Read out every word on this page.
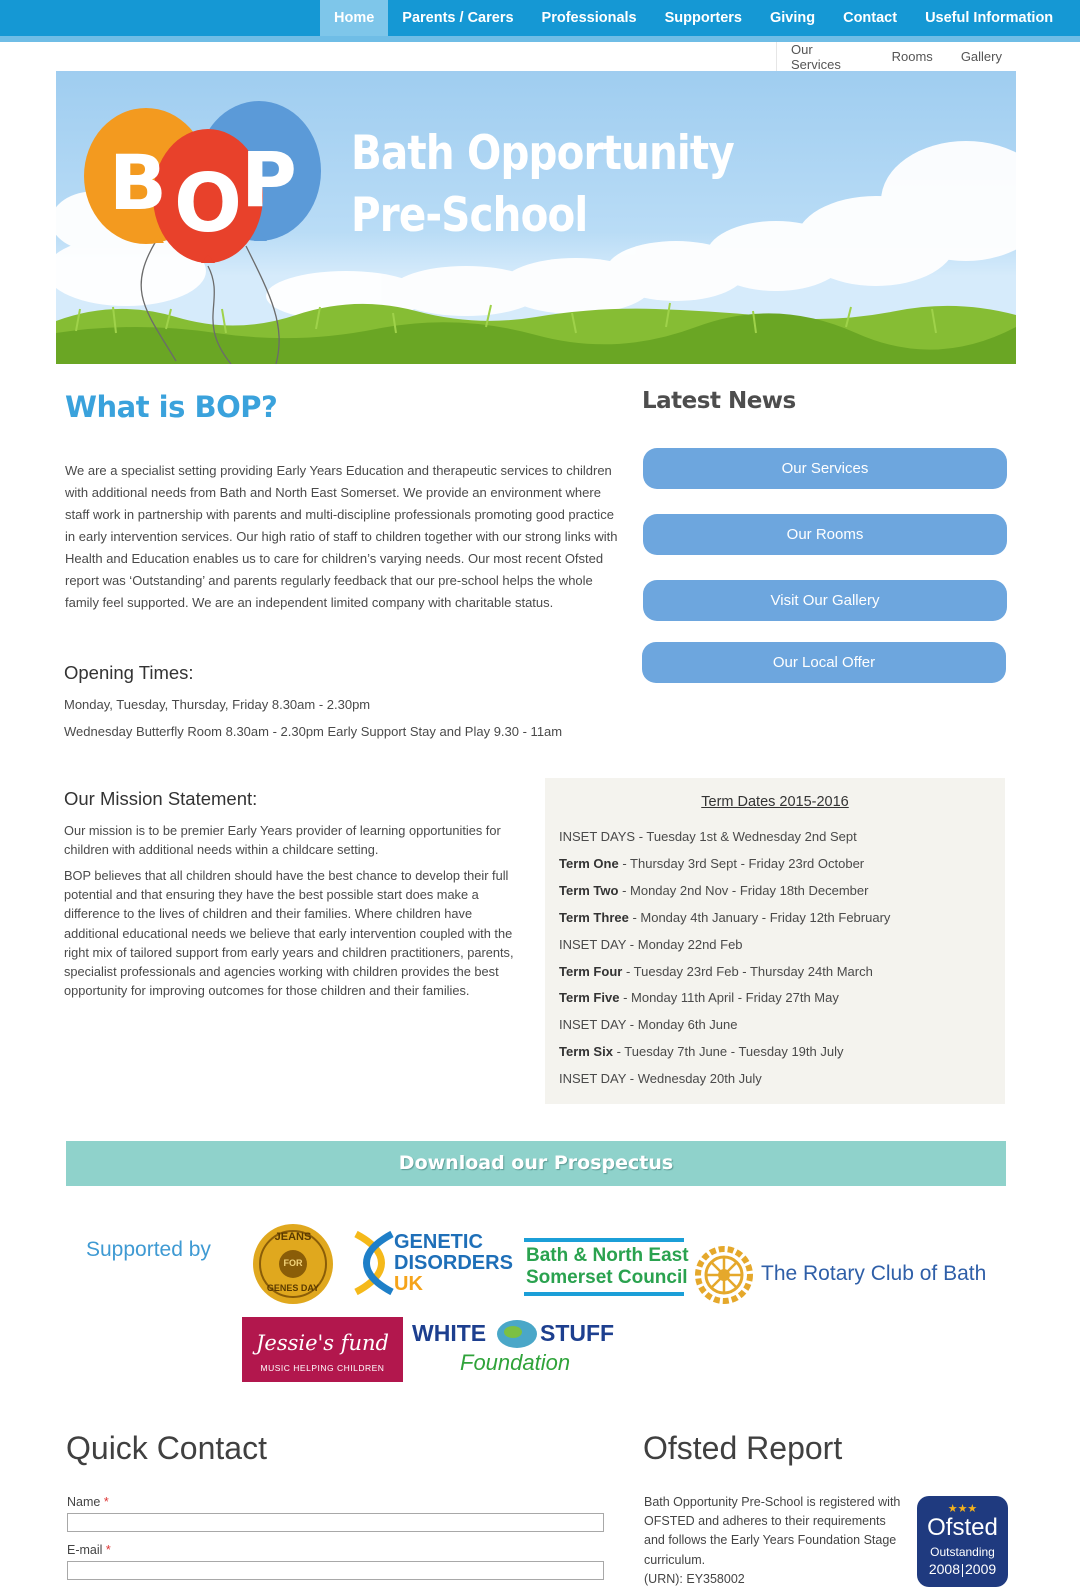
Home	Parents / Carers	Professionals	Supporters	Giving	Contact	Useful Information
Our Services	Rooms	Gallery
B O P Bath Opportunity
Pre-School
What is BOP?

We are a specialist setting providing Early Years Education and therapeutic services to children with additional needs from Bath and North East Somerset. We provide an environment where staff work in partnership with parents and multi-discipline professionals promoting good practice in early intervention services. Our high ratio of staff to children together with our strong links with Health and Education enables us to care for children’s varying needs. Our most recent Ofsted report was ‘Outstanding’ and parents regularly feedback that our pre-school helps the whole family feel supported. We are an independent limited company with charitable status.

Opening Times:
Monday, Tuesday, Thursday, Friday 8.30am - 2.30pm
Wednesday Butterfly Room 8.30am - 2.30pm Early Support Stay and Play 9.30 - 11am
Latest News
Our Services
Our Rooms
Visit Our Gallery
Our Local Offer
Our Mission Statement:

Our mission is to be premier Early Years provider of learning opportunities for children with additional needs within a childcare setting.

BOP believes that all children should have the best chance to develop their full potential and that ensuring they have the best possible start does make a difference to the lives of children and their families. Where children have additional educational needs we believe that early intervention coupled with the right mix of tailored support from early years and children practitioners, parents, specialist professionals and agencies working with children provides the best opportunity for improving outcomes for those children and their families.

Term Dates 2015-2016
INSET DAYS - Tuesday 1st & Wednesday 2nd Sept
Term One - Thursday 3rd Sept - Friday 23rd October
Term Two - Monday 2nd Nov - Friday 18th December
Term Three - Monday 4th January - Friday 12th February
INSET DAY - Monday 22nd Feb
Term Four - Tuesday 23rd Feb - Thursday 24th March
Term Five - Monday 11th April - Friday 27th May
INSET DAY - Monday 6th June
Term Six - Tuesday 7th June - Tuesday 19th July
INSET DAY - Wednesday 20th July
Download our Prospectus
Supported by
JEANS
FOR
GENES DAY
GENETIC
DISORDERS
UK
Bath & North East
Somerset Council	The Rotary Club of Bath
Jessie's fund
MUSIC HELPING CHILDREN
WHITE STUFF
Foundation
Quick Contact
Name *
E-mail *
Ofsted Report
Bath Opportunity Pre-School is registered with OFSTED and adheres to their requirements and follows the Early Years Foundation Stage curriculum.
(URN): EY358002
★★★
Ofsted
Outstanding
2008 2009
